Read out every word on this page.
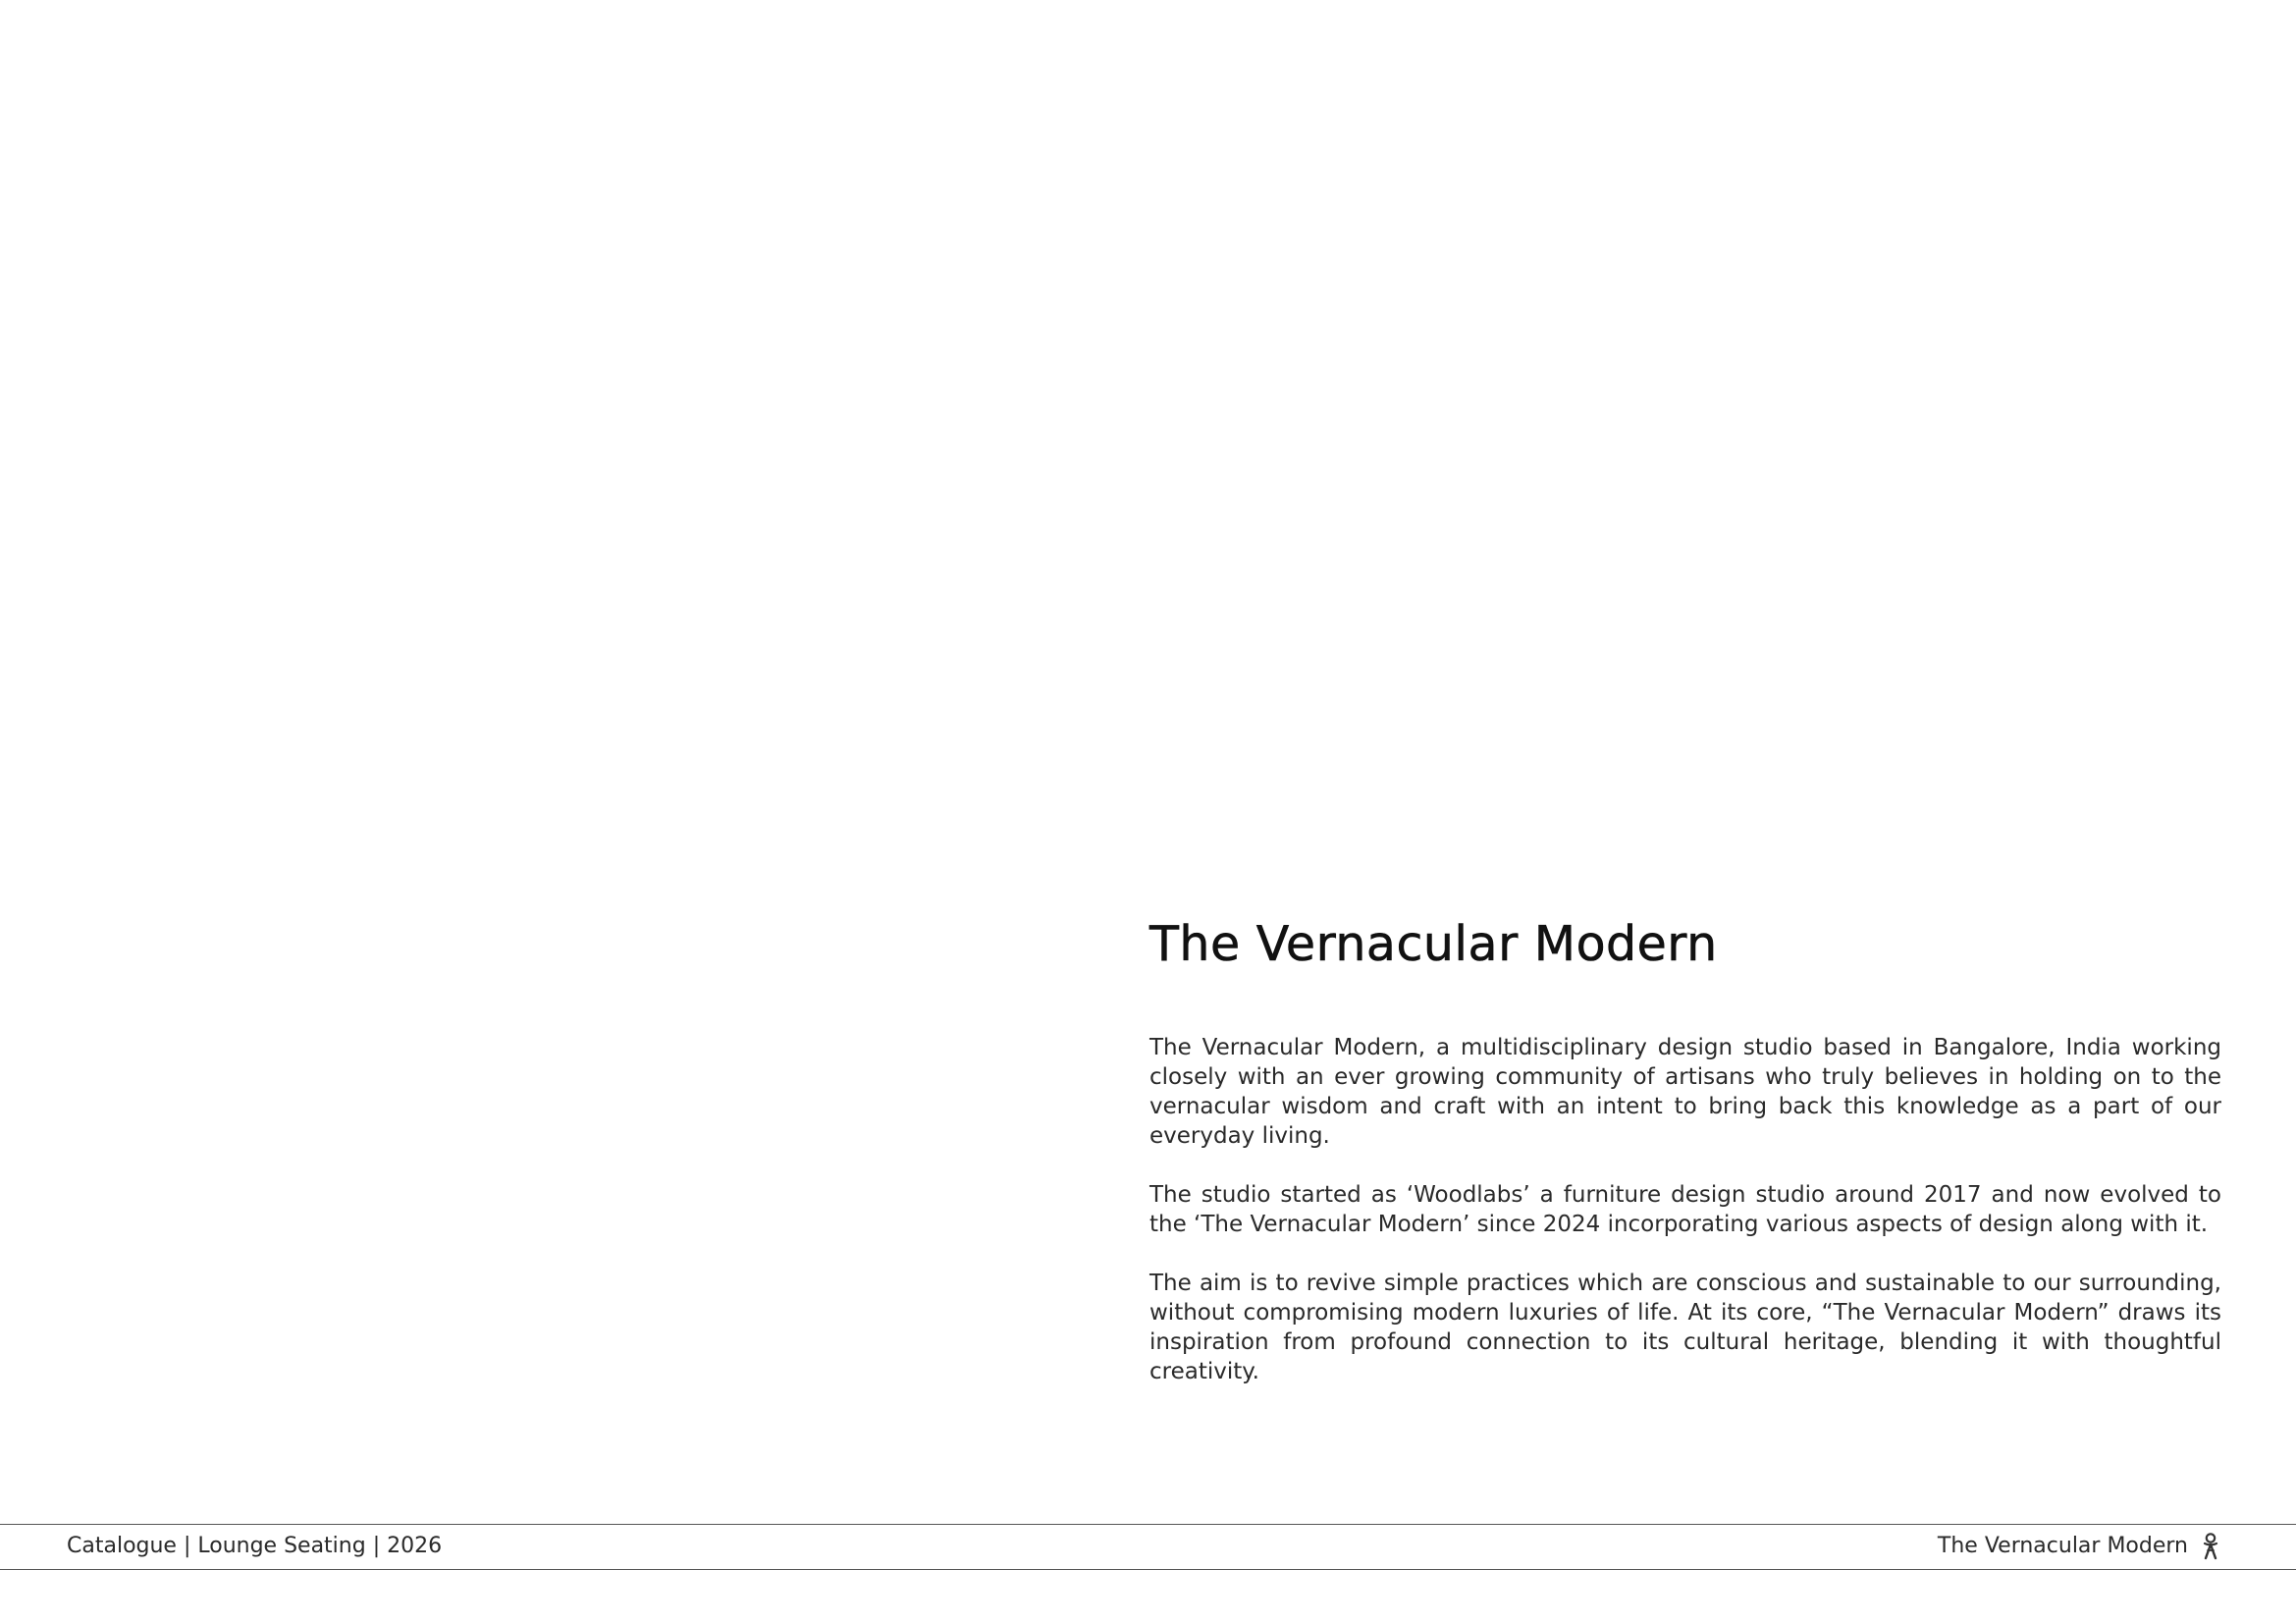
The Vernacular Modern

The Vernacular Modern, a multidisciplinary design studio based in Bangalore, India working closely with an ever growing community of artisans who truly believes in holding on to the vernacular wisdom and craft with an intent to bring back this knowledge as a part of our everyday living.

The studio started as ‘Woodlabs’ a furniture design studio around 2017 and now evolved to the ‘The Vernacular Modern’ since 2024 incorporating various aspects of design along with it.

The aim is to revive simple practices which are conscious and sustainable to our surrounding, without compromising modern luxuries of life. At its core, “The Vernacular Modern” draws its inspiration from profound connection to its cultural heritage, blending it with thoughtful creativity.

Catalogue | Lounge Seating | 2026	The Vernacular Modern
